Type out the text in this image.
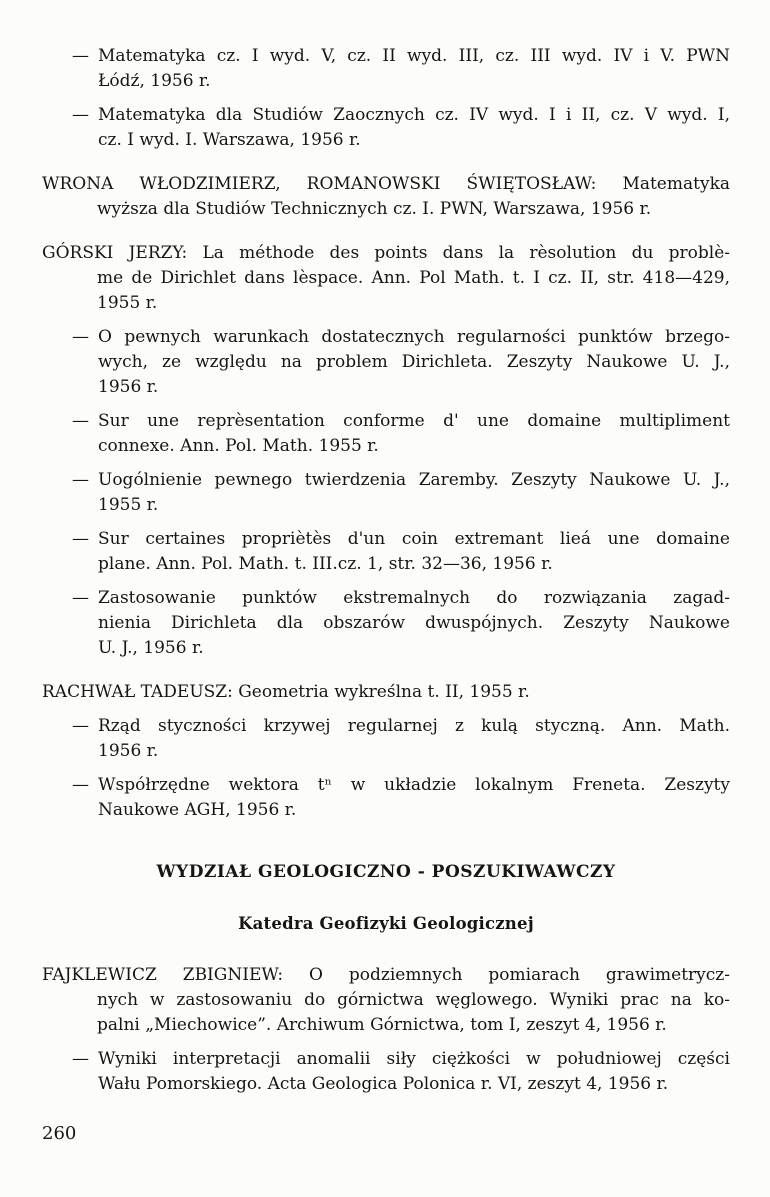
— Matematyka cz. I wyd. V, cz. II wyd. III, cz. III wyd. IV i V. PWN
Łódź, 1956 r.
— Matematyka dla Studiów Zaocznych cz. IV wyd. I i II, cz. V wyd. I,
cz. I wyd. I. Warszawa, 1956 r.
WRONA WŁODZIMIERZ, ROMANOWSKI ŚWIĘTOSŁAW: Matematyka
wyższa dla Studiów Technicznych cz. I. PWN, Warszawa, 1956 r.
GÓRSKI JERZY: La méthode des points dans la rèsolution du problè-
me de Dirichlet dans lèspace. Ann. Pol Math. t. I cz. II, str. 418—429,
1955 r.
— O pewnych warunkach dostatecznych regularności punktów brzego-
wych, ze względu na problem Dirichleta. Zeszyty Naukowe U. J.,
1956 r.
— Sur une reprèsentation conforme d' une domaine multipliment
connexe. Ann. Pol. Math. 1955 r.
— Uogólnienie pewnego twierdzenia Zaremby. Zeszyty Naukowe U. J.,
1955 r.
— Sur certaines propriètès d'un coin extremant lieá une domaine
plane. Ann. Pol. Math. t. III.cz. 1, str. 32—36, 1956 r.
— Zastosowanie punktów ekstremalnych do rozwiązania zagad-
nienia Dirichleta dla obszarów dwuspójnych. Zeszyty Naukowe
U. J., 1956 r.
RACHWAŁ TADEUSZ: Geometria wykreślna t. II, 1955 r.
— Rząd styczności krzywej regularnej z kulą styczną. Ann. Math.
1956 r.
— Współrzędne wektora tⁿ w układzie lokalnym Freneta. Zeszyty
Naukowe AGH, 1956 r.
WYDZIAŁ GEOLOGICZNO - POSZUKIWAWCZY
Katedra Geofizyki Geologicznej
FAJKLEWICZ ZBIGNIEW: O podziemnych pomiarach grawimetrycz-
nych w zastosowaniu do górnictwa węglowego. Wyniki prac na ko-
palni „Miechowice”. Archiwum Górnictwa, tom I, zeszyt 4, 1956 r.
— Wyniki interpretacji anomalii siły ciężkości w południowej części
Wału Pomorskiego. Acta Geologica Polonica r. VI, zeszyt 4, 1956 r.
260
